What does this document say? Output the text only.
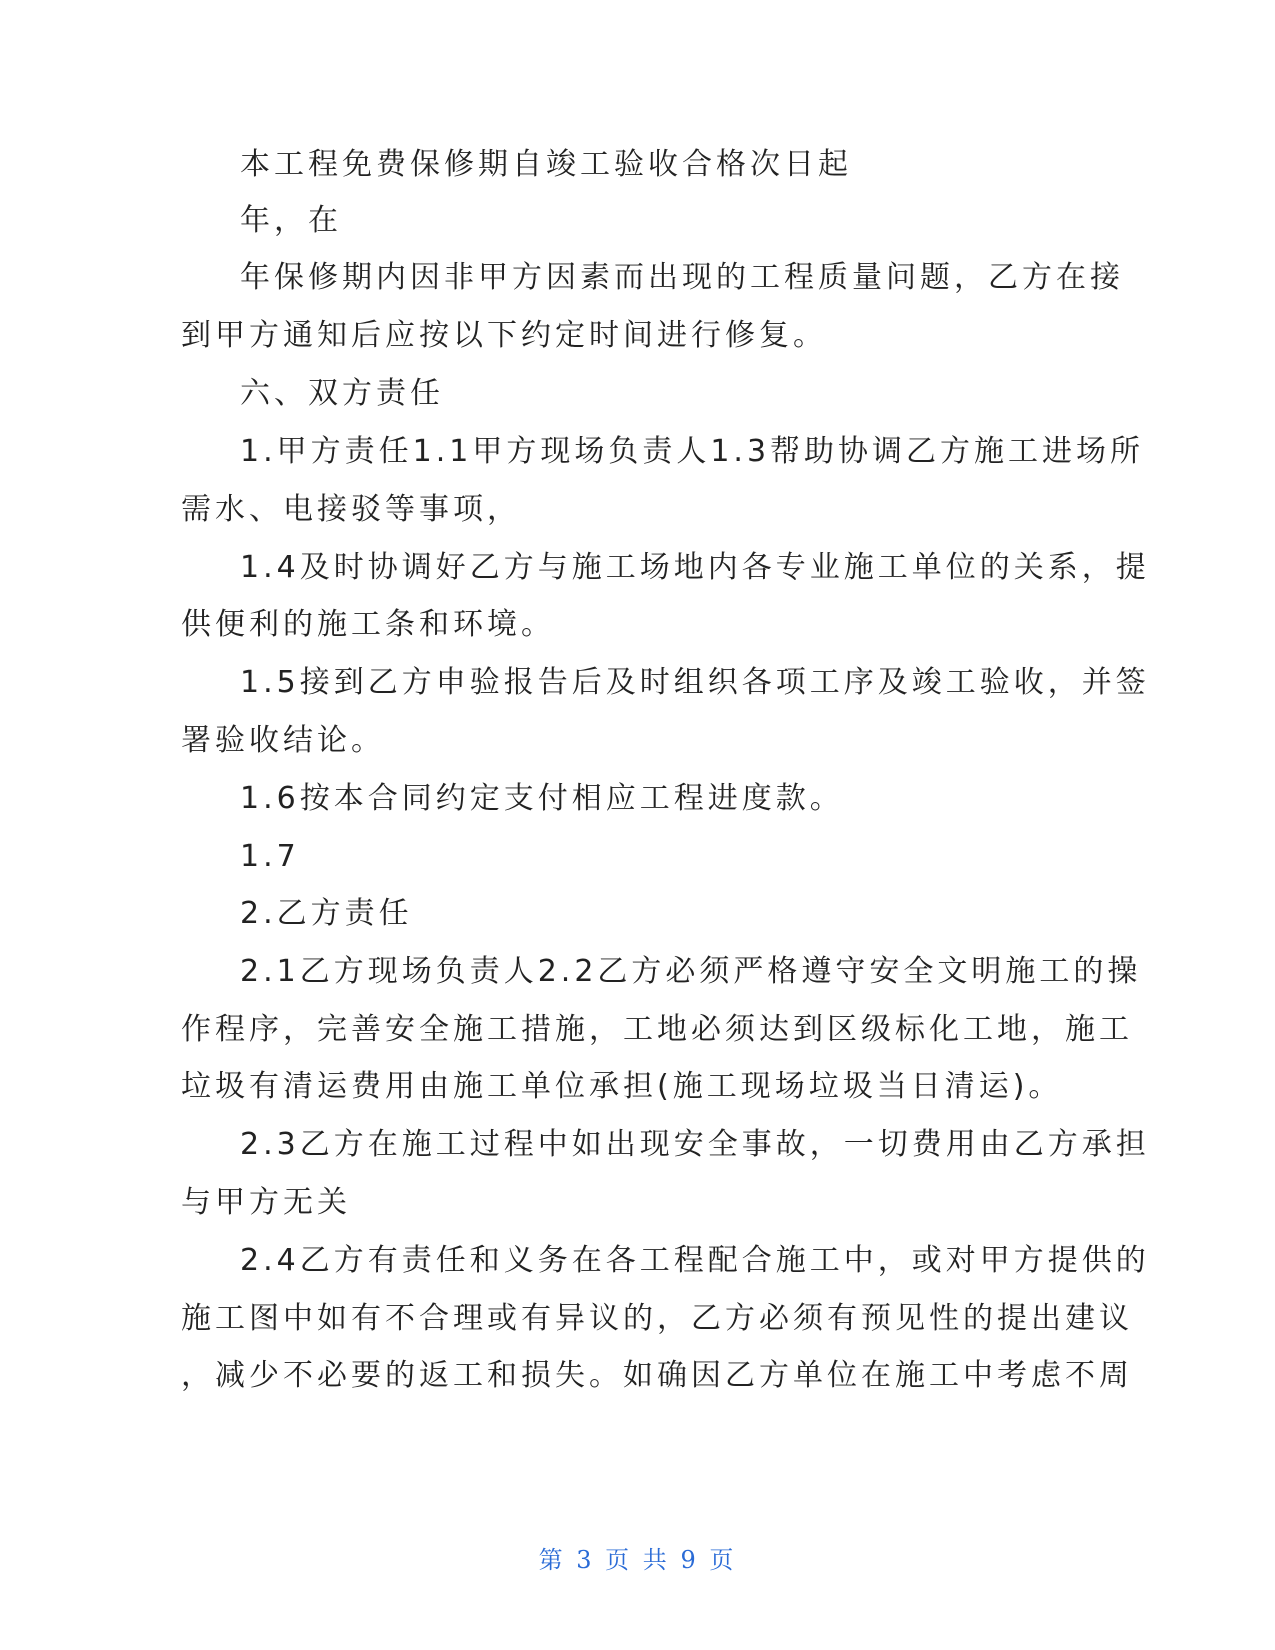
本工程免费保修期自竣工验收合格次日起

年，在

年保修期内因非甲方因素而出现的工程质量问题，乙方在接

到甲方通知后应按以下约定时间进行修复。

六、双方责任

1.甲方责任1.1甲方现场负责人1.3帮助协调乙方施工进场所

需水、电接驳等事项，

1.4及时协调好乙方与施工场地内各专业施工单位的关系，提

供便利的施工条和环境。

1.5接到乙方申验报告后及时组织各项工序及竣工验收，并签

署验收结论。

1.6按本合同约定支付相应工程进度款。

1.7

2.乙方责任

2.1乙方现场负责人2.2乙方必须严格遵守安全文明施工的操

作程序，完善安全施工措施，工地必须达到区级标化工地，施工

垃圾有清运费用由施工单位承担(施工现场垃圾当日清运)。

2.3乙方在施工过程中如出现安全事故，一切费用由乙方承担

与甲方无关

2.4乙方有责任和义务在各工程配合施工中，或对甲方提供的

施工图中如有不合理或有异议的，乙方必须有预见性的提出建议

，减少不必要的返工和损失。如确因乙方单位在施工中考虑不周

第 3 页 共 9 页
